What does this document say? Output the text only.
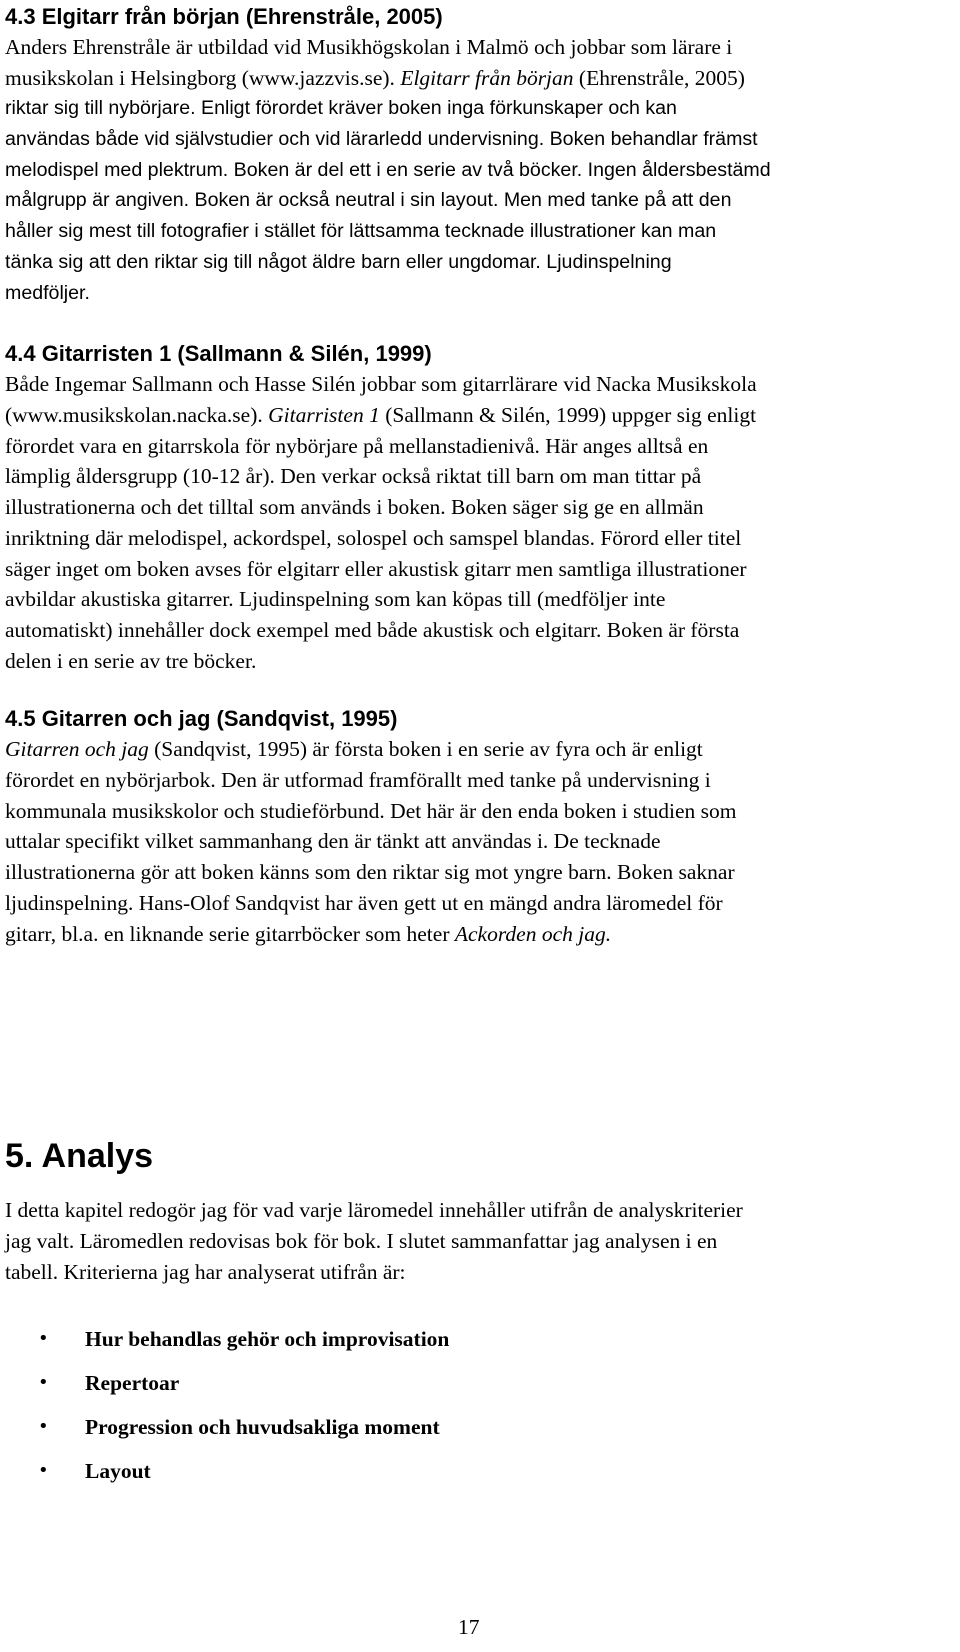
4.3 Elgitarr från början (Ehrenstråle, 2005)

Anders Ehrenstråle är utbildad vid Musikhögskolan i Malmö och jobbar som lärare i
musikskolan i Helsingborg (www.jazzvis.se). Elgitarr från början (Ehrenstråle, 2005)

riktar sig till nybörjare. Enligt förordet kräver boken inga förkunskaper och kan
användas både vid självstudier och vid lärarledd undervisning. Boken behandlar främst
melodispel med plektrum. Boken är del ett i en serie av två böcker. Ingen åldersbestämd
målgrupp är angiven. Boken är också neutral i sin layout. Men med tanke på att den
håller sig mest till fotografier i stället för lättsamma tecknade illustrationer kan man
tänka sig att den riktar sig till något äldre barn eller ungdomar. Ljudinspelning
medföljer.

4.4 Gitarristen 1 (Sallmann & Silén, 1999)

Både Ingemar Sallmann och Hasse Silén jobbar som gitarrlärare vid Nacka Musikskola
(www.musikskolan.nacka.se). Gitarristen 1 (Sallmann & Silén, 1999) uppger sig enligt
förordet vara en gitarrskola för nybörjare på mellanstadienivå. Här anges alltså en
lämplig åldersgrupp (10-12 år). Den verkar också riktat till barn om man tittar på
illustrationerna och det tilltal som används i boken. Boken säger sig ge en allmän
inriktning där melodispel, ackordspel, solospel och samspel blandas. Förord eller titel
säger inget om boken avses för elgitarr eller akustisk gitarr men samtliga illustrationer
avbildar akustiska gitarrer. Ljudinspelning som kan köpas till (medföljer inte
automatiskt) innehåller dock exempel med både akustisk och elgitarr. Boken är första
delen i en serie av tre böcker.

4.5 Gitarren och jag (Sandqvist, 1995)

Gitarren och jag (Sandqvist, 1995) är första boken i en serie av fyra och är enligt
förordet en nybörjarbok. Den är utformad framförallt med tanke på undervisning i
kommunala musikskolor och studieförbund. Det här är den enda boken i studien som
uttalar specifikt vilket sammanhang den är tänkt att användas i. De tecknade
illustrationerna gör att boken känns som den riktar sig mot yngre barn. Boken saknar
ljudinspelning. Hans-Olof Sandqvist har även gett ut en mängd andra läromedel för
gitarr, bl.a. en liknande serie gitarrböcker som heter Ackorden och jag.

5. Analys

I detta kapitel redogör jag för vad varje läromedel innehåller utifrån de analyskriterier
jag valt. Läromedlen redovisas bok för bok. I slutet sammanfattar jag analysen i en
tabell. Kriterierna jag har analyserat utifrån är:

• Hur behandlas gehör och improvisation
• Repertoar
• Progression och huvudsakliga moment
• Layout
17
